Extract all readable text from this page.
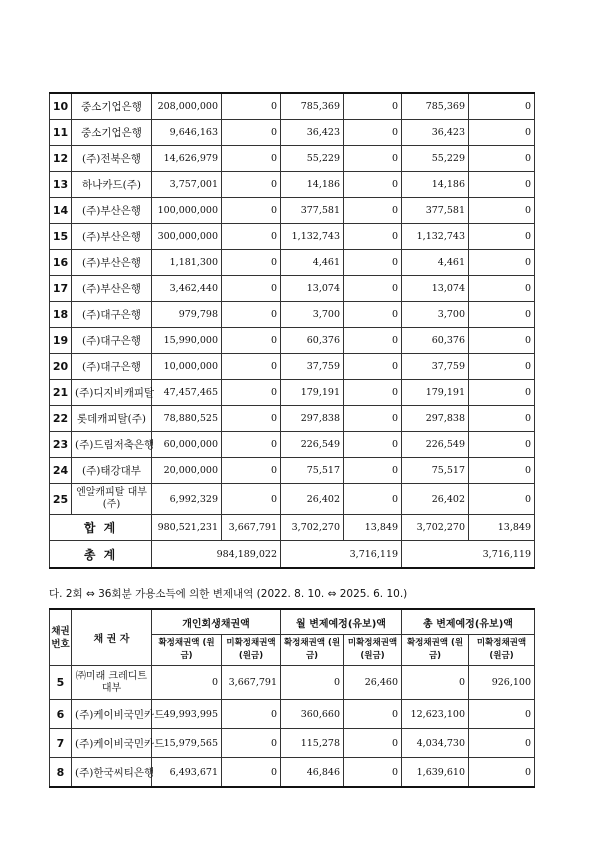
10	중소기업은행	208,000,000	0	785,369	0	785,369	0
11	중소기업은행	9,646,163	0	36,423	0	36,423	0
12	(주)전북은행	14,626,979	0	55,229	0	55,229	0
13	하나카드(주)	3,757,001	0	14,186	0	14,186	0
14	(주)부산은행	100,000,000	0	377,581	0	377,581	0
15	(주)부산은행	300,000,000	0	1,132,743	0	1,132,743	0
16	(주)부산은행	1,181,300	0	4,461	0	4,461	0
17	(주)부산은행	3,462,440	0	13,074	0	13,074	0
18	(주)대구은행	979,798	0	3,700	0	3,700	0
19	(주)대구은행	15,990,000	0	60,376	0	60,376	0
20	(주)대구은행	10,000,000	0	37,759	0	37,759	0
21	(주)디지비캐피탈	47,457,465	0	179,191	0	179,191	0
22	롯데캐피탈(주)	78,880,525	0	297,838	0	297,838	0
23	(주)드림저축은행	60,000,000	0	226,549	0	226,549	0
24	(주)태강대부	20,000,000	0	75,517	0	75,517	0
25	엔알캐피탈 대부(주)	6,992,329	0	26,402	0	26,402	0
합 계		980,521,231	3,667,791	3,702,270	13,849	3,702,270	13,849
총 계		984,189,022		3,716,119		3,716,119	
다. 2회 ⇔ 36회분 가용소득에 의한 변제내역 (2022. 8. 10. ⇔ 2025. 6. 10.)
채권 번호	채 권 자	개인회생채권액		월 변제예정(유보)액		총 변제예정(유보)액	
		확정채권액 (원금)	미확정채권액 (원금)	확정채권액 (원금)	미확정채권액 (원금)	확정채권액 (원금)	미확정채권액 (원금)
5	㈜미래 크레디트대부	0	3,667,791	0	26,460	0	926,100
6	(주)케이비국민카드	49,993,995	0	360,660	0	12,623,100	0
7	(주)케이비국민카드	15,979,565	0	115,278	0	4,034,730	0
8	(주)한국씨티은행	6,493,671	0	46,846	0	1,639,610	0
